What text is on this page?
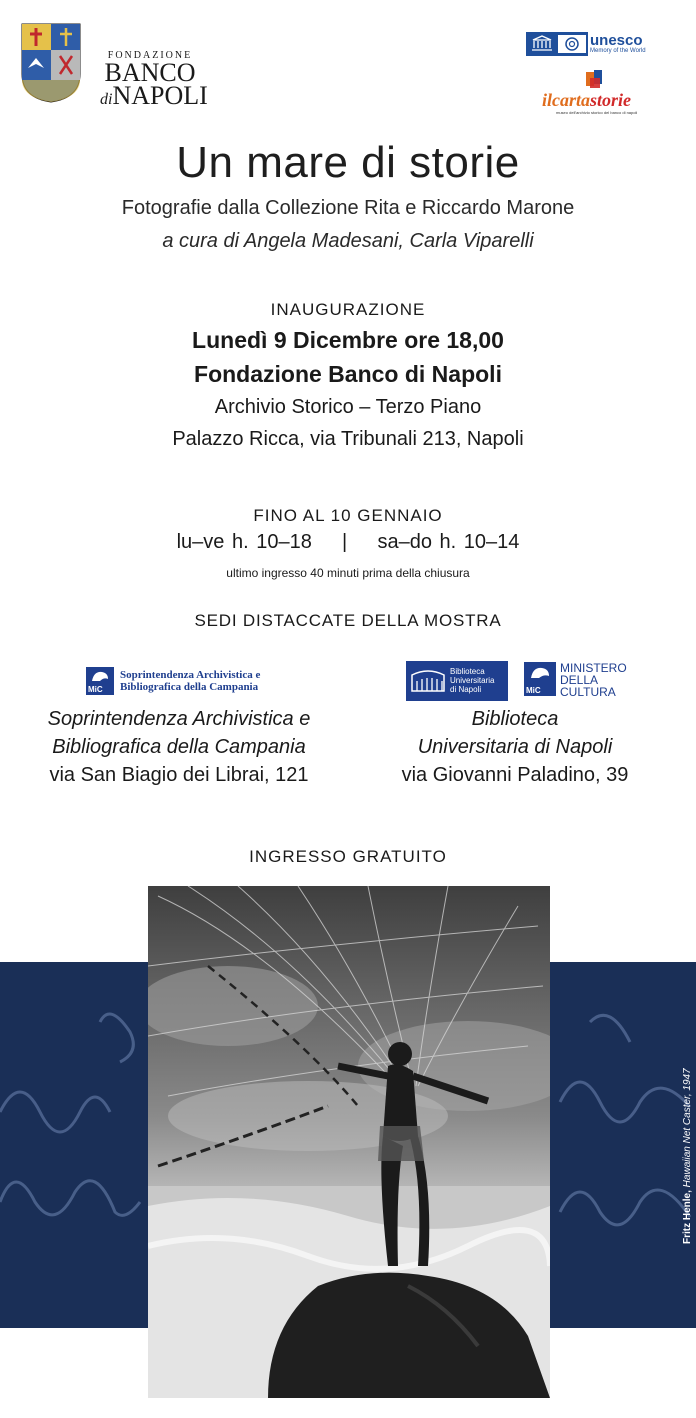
FONDAZIONE
BANCO
diNAPOLI
unesco
Memory of the World
ilcartastorie
museo dell'archivio storico del banco di napoli
Un mare di storie
Fotografie dalla Collezione Rita e Riccardo Marone
a cura di Angela Madesani, Carla Viparelli
INAUGURAZIONE
Lunedì 9 Dicembre ore 18,00
Fondazione Banco di Napoli
Archivio Storico – Terzo Piano
Palazzo Ricca, via Tribunali 213, Napoli
FINO AL 10 GENNAIO
lu–ve h. 10–18    |    sa–do h. 10–14
ultimo ingresso 40 minuti prima della chiusura
SEDI DISTACCATE DELLA MOSTRA
MiC
Soprintendenza Archivistica e
Bibliografica della Campania
Biblioteca
Universitaria
di Napoli	MiC
MINISTERO
DELLA
CULTURA
Soprintendenza Archivistica e
Bibliografica della Campania
via San Biagio dei Librai, 121
Biblioteca
Universitaria di Napoli
via Giovanni Paladino, 39
INGRESSO GRATUITO
Fritz Henle, Hawaiian Net Caster, 1947
